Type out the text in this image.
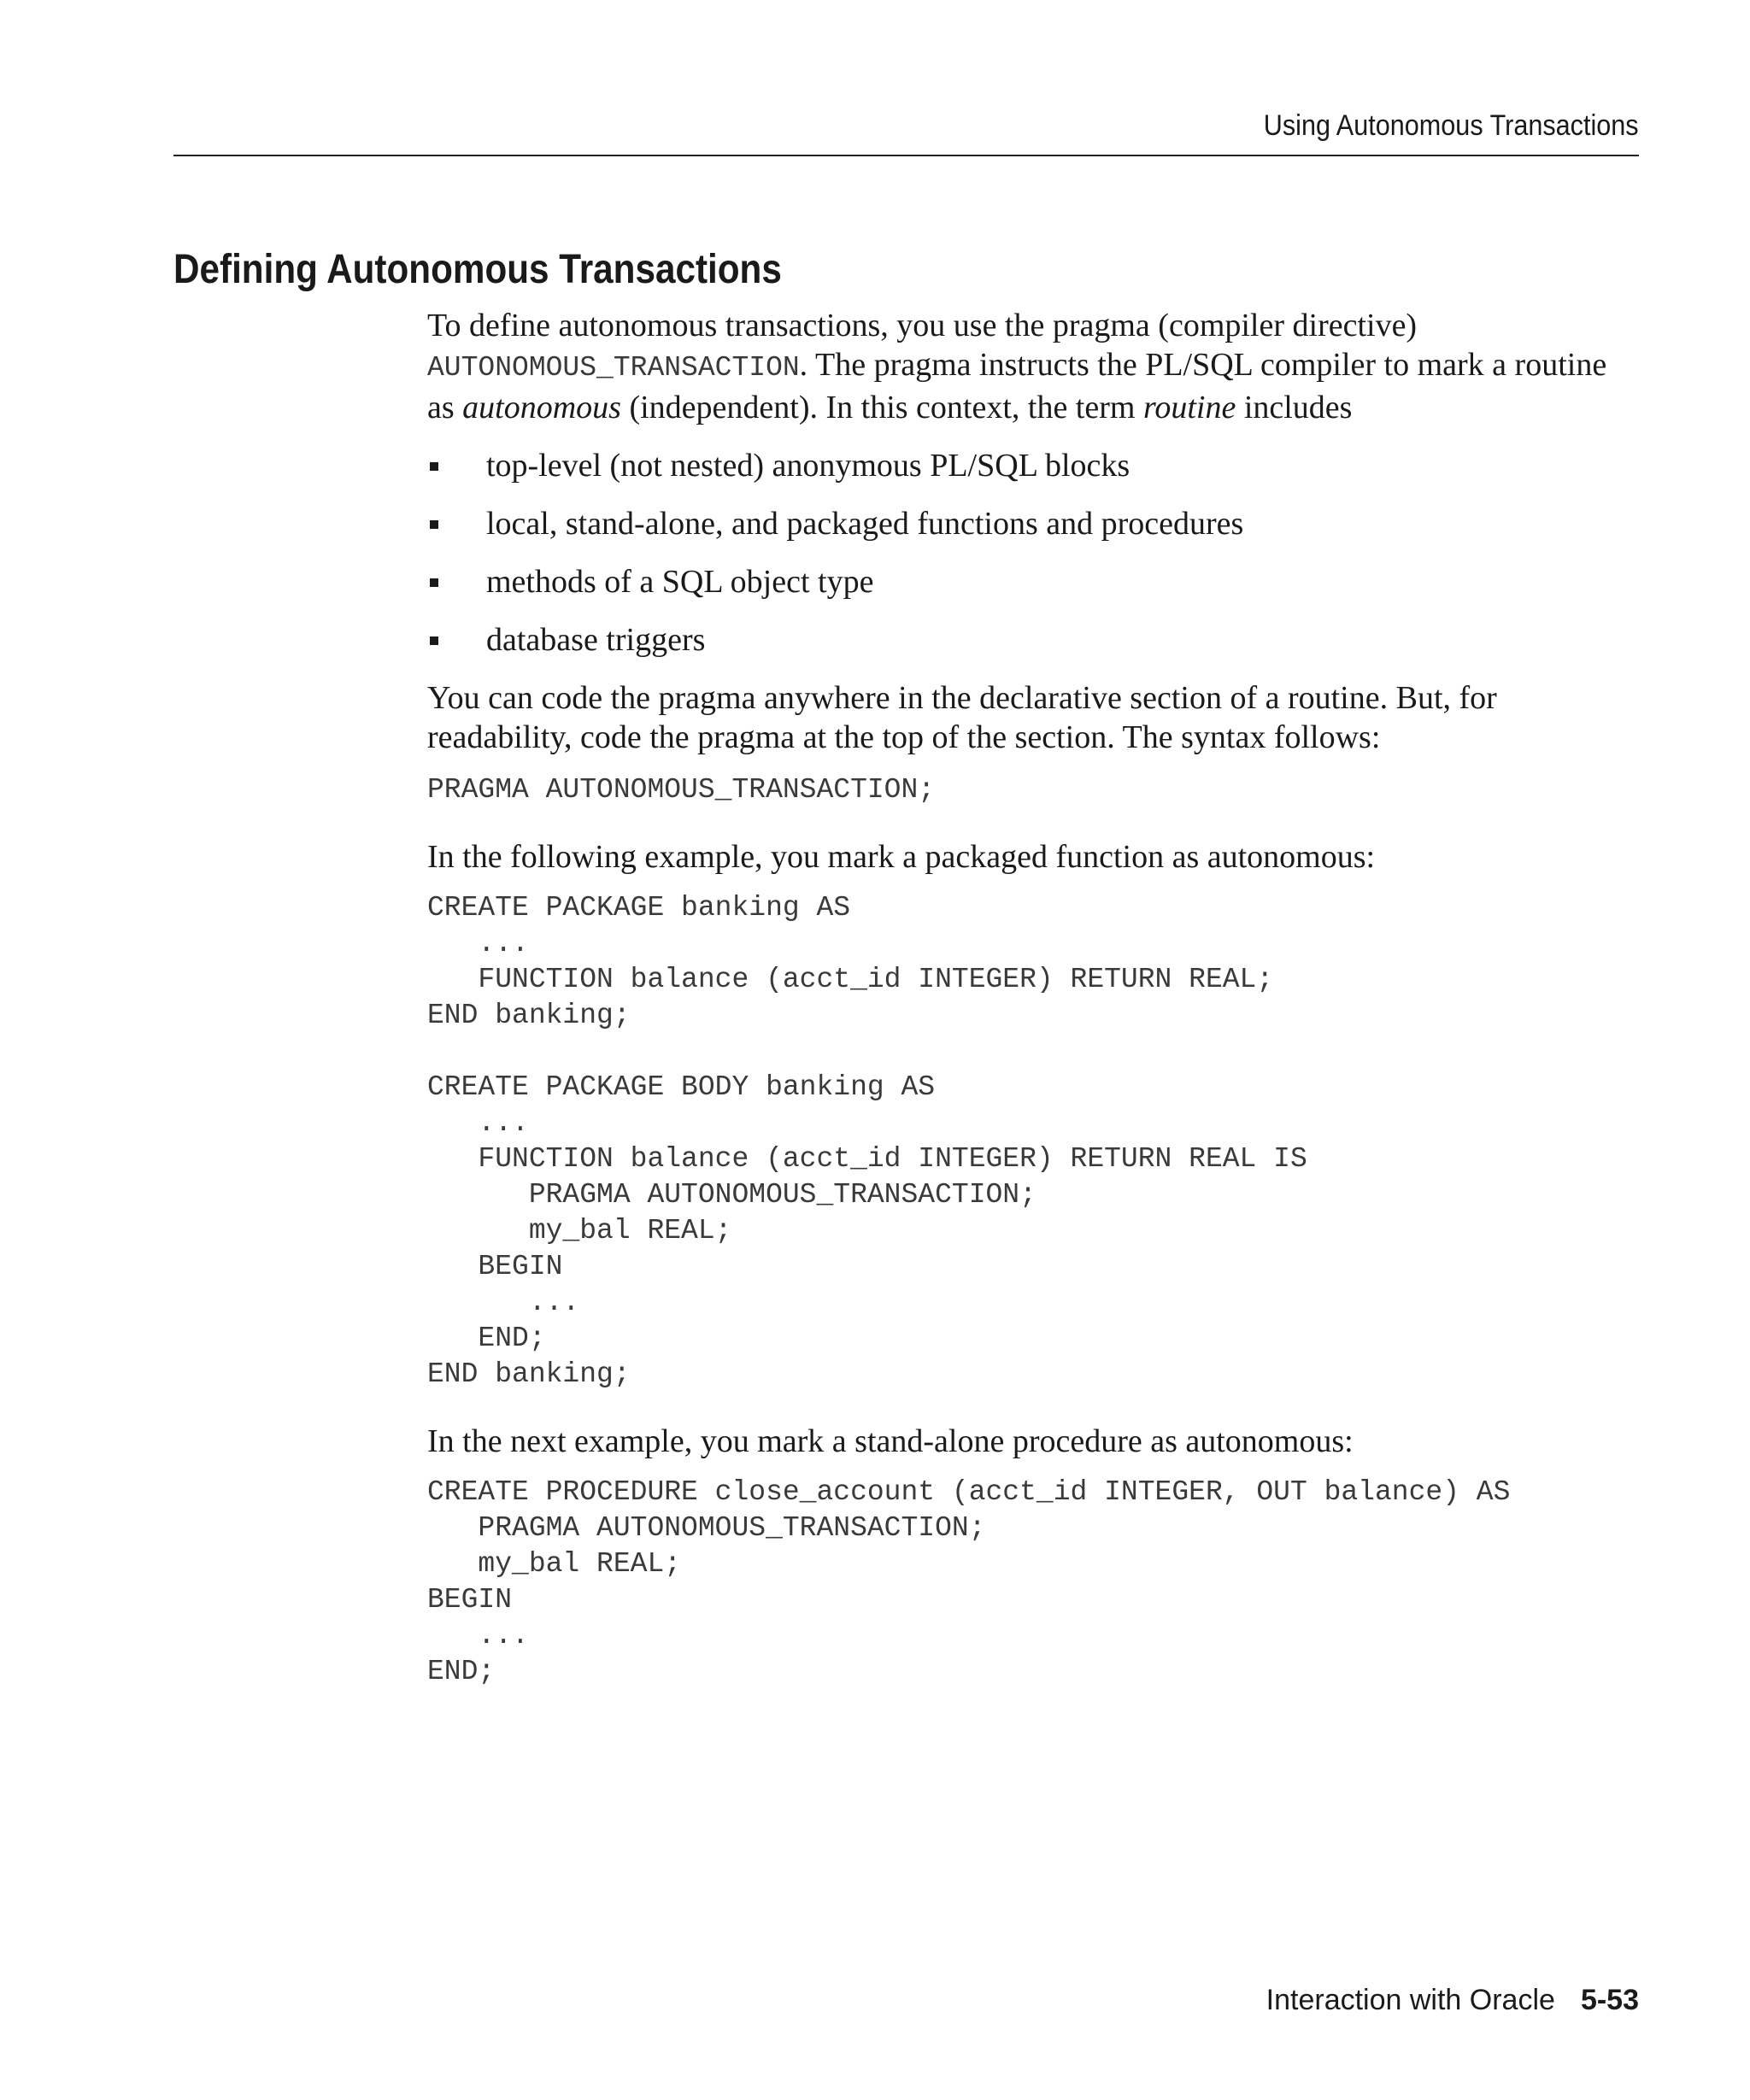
Using Autonomous Transactions
Defining Autonomous Transactions

To define autonomous transactions, you use the pragma (compiler directive) AUTONOMOUS_TRANSACTION. The pragma instructs the PL/SQL compiler to mark a routine as autonomous (independent). In this context, the term routine includes

top-level (not nested) anonymous PL/SQL blocks
local, stand-alone, and packaged functions and procedures
methods of a SQL object type
database triggers

You can code the pragma anywhere in the declarative section of a routine. But, for readability, code the pragma at the top of the section. The syntax follows:

PRAGMA AUTONOMOUS_TRANSACTION;

In the following example, you mark a packaged function as autonomous:

CREATE PACKAGE banking AS
...
FUNCTION balance (acct_id INTEGER) RETURN REAL;
END banking;
CREATE PACKAGE BODY banking AS
...
FUNCTION balance (acct_id INTEGER) RETURN REAL IS
PRAGMA AUTONOMOUS_TRANSACTION;
my_bal REAL;
BEGIN
...
END;
END banking;

In the next example, you mark a stand-alone procedure as autonomous:

CREATE PROCEDURE close_account (acct_id INTEGER, OUT balance) AS
PRAGMA AUTONOMOUS_TRANSACTION;
my_bal REAL;
BEGIN
...
END;
Interaction with Oracle 5-53
